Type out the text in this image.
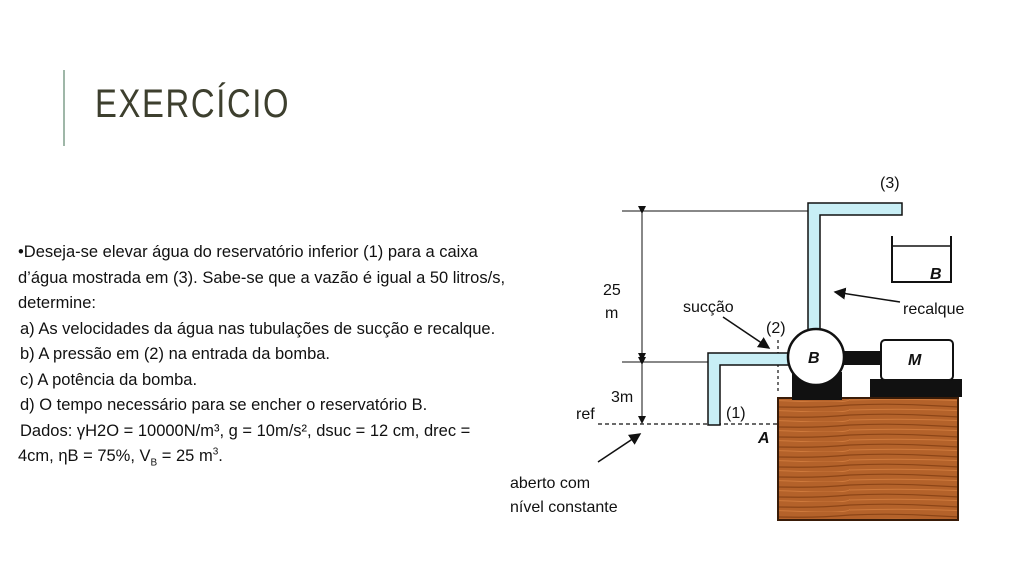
EXERCÍCIO
•Deseja-se elevar água do reservatório inferior (1) para a caixa
d’água mostrada em (3). Sabe-se que a vazão é igual a 50 litros/s,
determine:
a) As velocidades da água nas tubulações de sucção e recalque.
b) A pressão em (2) na entrada da bomba.
c) A potência da bomba.
d) O tempo necessário para se encher o reservatório B.
Dados: γH2O = 10000N/m³, g = 10m/s², dsuc = 12 cm, drec =
4cm, ηB = 75%, $V_B = 25$ $m^3$.
(3)
B
25
m	sucção	recalque
(2)
B	M
3m
ref	(1)
A
aberto com
nível constante
